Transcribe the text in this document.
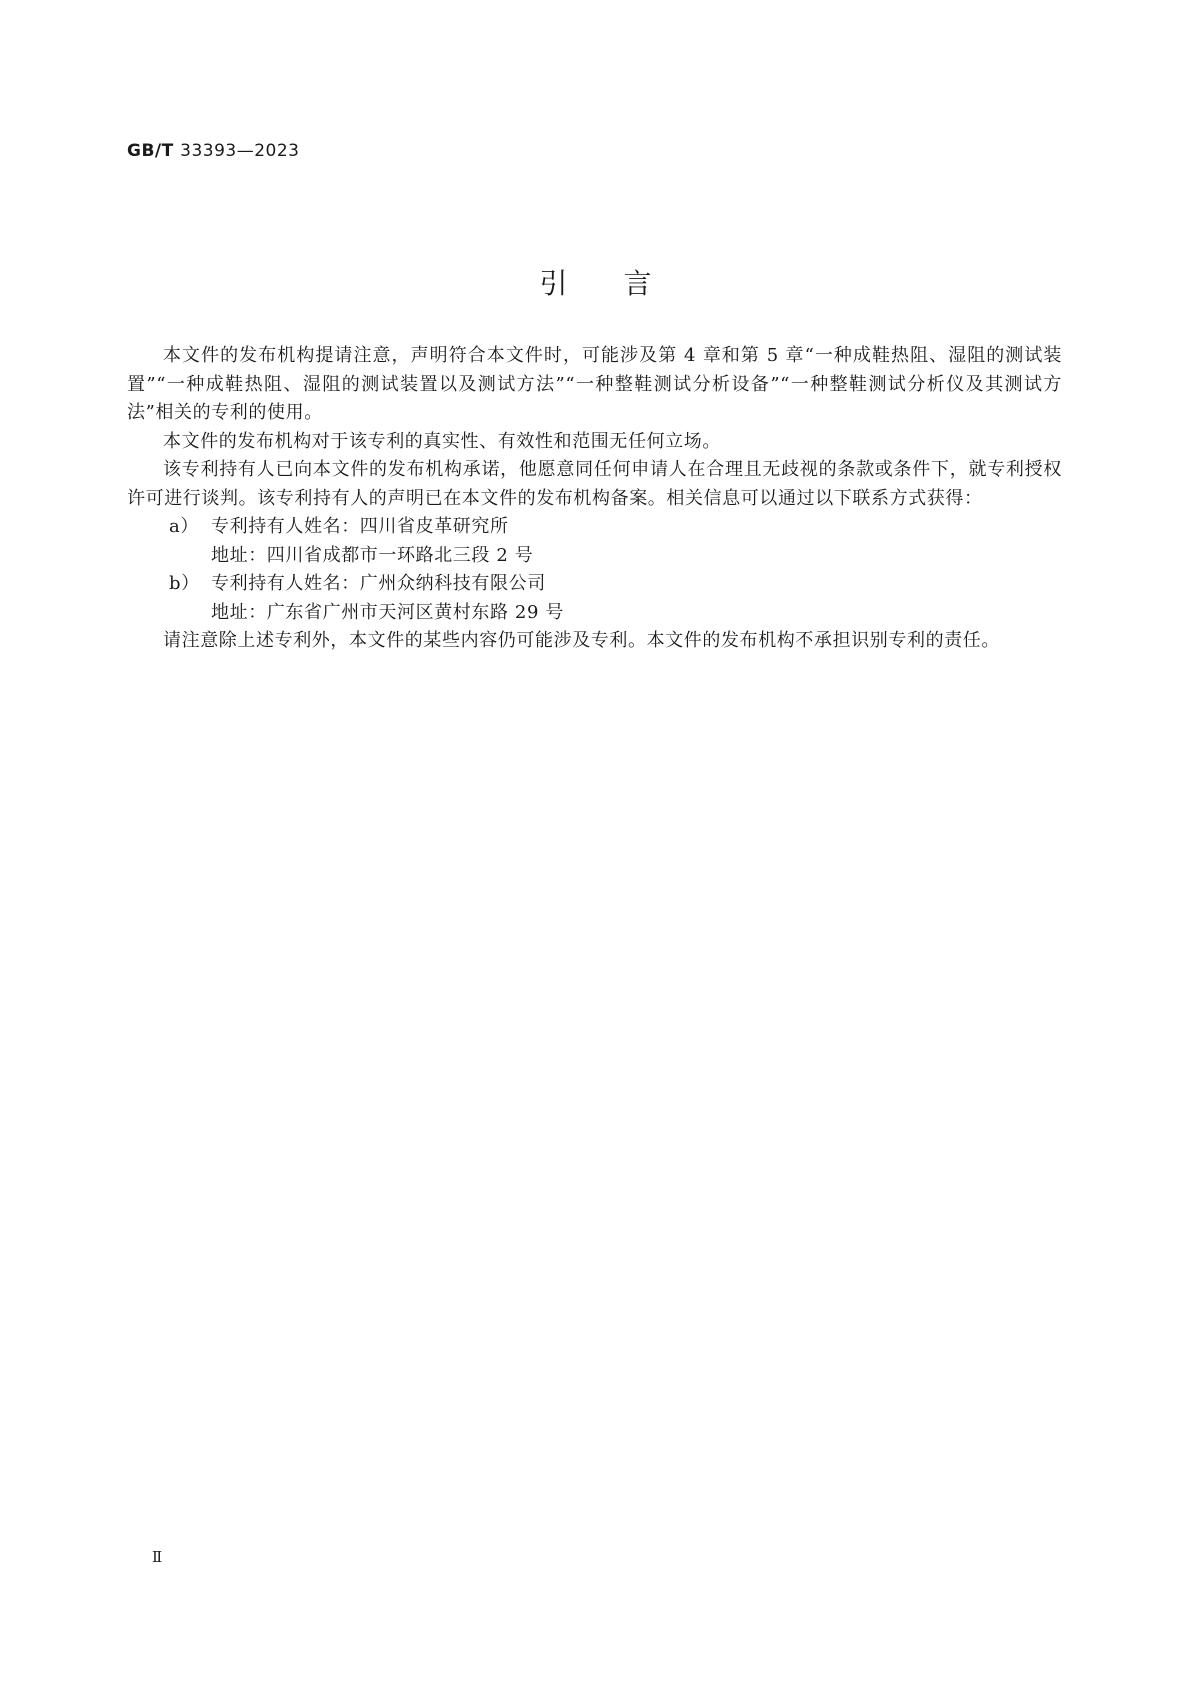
GB/T 33393—2023
引言

本文件的发布机构提请注意，声明符合本文件时，可能涉及第 4 章和第 5 章“一种成鞋热阻、湿阻的测试装置”“一种成鞋热阻、湿阻的测试装置以及测试方法”“一种整鞋测试分析设备”“一种整鞋测试分析仪及其测试方法”相关的专利的使用。

本文件的发布机构对于该专利的真实性、有效性和范围无任何立场。

该专利持有人已向本文件的发布机构承诺，他愿意同任何申请人在合理且无歧视的条款或条件下，就专利授权许可进行谈判。该专利持有人的声明已在本文件的发布机构备案。相关信息可以通过以下联系方式获得：

a） 专利持有人姓名：四川省皮革研究所

地址：四川省成都市一环路北三段 2 号

b） 专利持有人姓名：广州众纳科技有限公司

地址：广东省广州市天河区黄村东路 29 号

请注意除上述专利外，本文件的某些内容仍可能涉及专利。本文件的发布机构不承担识别专利的责任。

Ⅱ
